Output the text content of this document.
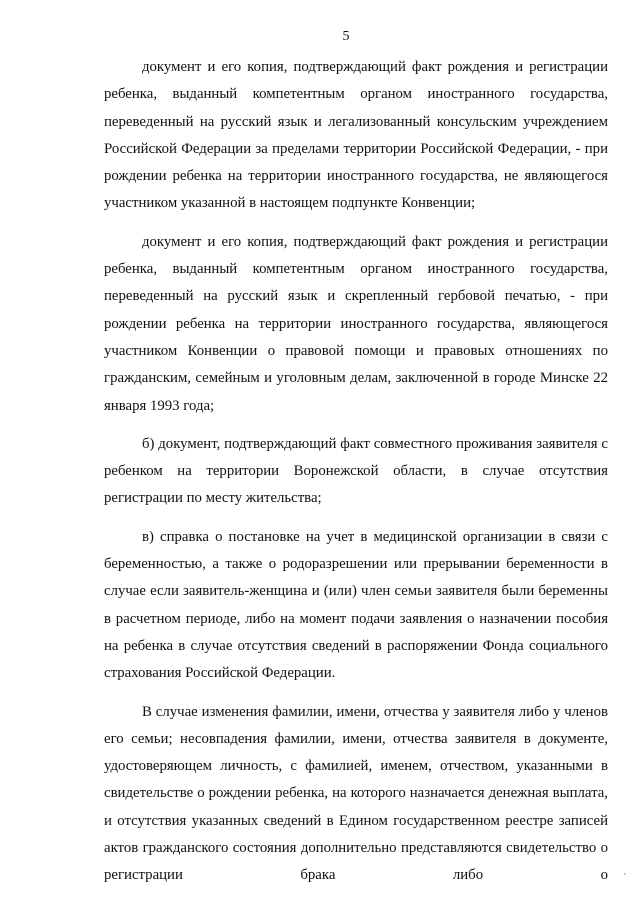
5

документ и его копия, подтверждающий факт рождения и регистрации ребенка, выданный компетентным органом иностранного государства, переведенный на русский язык и легализованный консульским учреждением Российской Федерации за пределами территории Российской Федерации, - при рождении ребенка на территории иностранного государства, не являющегося участником указанной в настоящем подпункте Конвенции;

документ и его копия, подтверждающий факт рождения и регистрации ребенка, выданный компетентным органом иностранного государства, переведенный на русский язык и скрепленный гербовой печатью, - при рождении ребенка на территории иностранного государства, являющегося участником Конвенции о правовой помощи и правовых отношениях по гражданским, семейным и уголовным делам, заключенной в городе Минске 22 января 1993 года;

б) документ, подтверждающий факт совместного проживания заявителя с ребенком на территории Воронежской области, в случае отсутствия регистрации по месту жительства;

в) справка о постановке на учет в медицинской организации в связи с беременностью, а также о родоразрешении или прерывании беременности в случае если заявитель-женщина и (или) член семьи заявителя были беременны в расчетном периоде, либо на момент подачи заявления о назначении пособия на ребенка в случае отсутствия сведений в распоряжении Фонда социального страхования Российской Федерации.

В случае изменения фамилии, имени, отчества у заявителя либо у членов его семьи; несовпадения фамилии, имени, отчества заявителя в документе, удостоверяющем личность, с фамилией, именем, отчеством, указанными в свидетельстве о рождении ребенка, на которого назначается денежная выплата, и отсутствия указанных сведений в Едином государственном реестре записей актов гражданского состояния дополнительно представляются свидетельство о регистрации брака либо о
